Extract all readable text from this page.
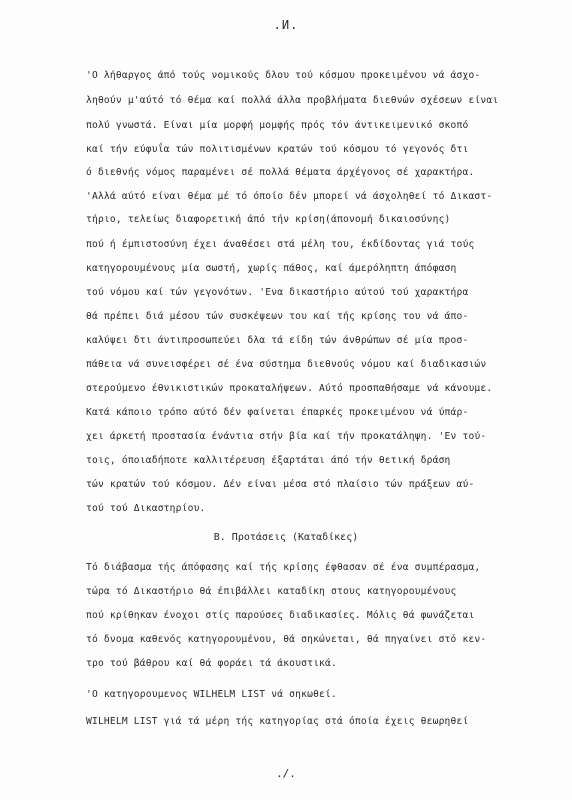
.И.
'Ο λήθαργος άπό τούς νομικούς δλου τού κόσμου προκειμένου νά άσχο-
ληθούν μ'αύτό τό θέμα καί πολλά άλλα προβλήματα διεθνών σχέσεων είναι
πολύ γνωστά. Είναι μία μορφή μομφής πρός τόν άντικειμενικό σκοπό
καί τήν εύφυΐα τών πολιτισμένων κρατών τού κόσμου τό γεγονός δτι
ό διεθνής νόμος παραμένει σέ πολλά θέματα άρχέγονος σέ χαρακτήρα.
'Αλλά αύτό είναι θέμα μέ τό όποίο δέν μπορεί νά άσχοληθεί τό Δικαστ-
τήριο, τελείως διαφορετική άπό τήν κρίση(άπονομή δικαιοσύνης)
πού ή έμπιστοσύνη έχει άναθέσει στά μέλη του, έκδίδοντας γιά τούς
κατηγορουμένους μία σωστή, χωρίς πάθος, καί άμερόληπτη άπόφαση
τού νόμου καί τών γεγονότων. 'Ενα δικαστήριο αύτού τού χαρακτήρα
θά πρέπει διά μέσου τών συσκέψεων του καί τής κρίσης του νά άπο-
καλύψει δτι άντιπροσωπεύει δλα τά είδη τών άνθρώπων σέ μία προσ-
πάθεια νά συνεισφέρει σέ ένα σύστημα διεθνούς νόμου καί διαδικασιών
στερούμενο έθνικιστικών προκαταλήψεων. Αύτό προσπαθήσαμε νά κάνουμε.
Κατά κάποιο τρόπο αύτό δέν φαίνεται έπαρκές προκειμένου νά ύπάρ-
χει άρκετή προστασία ένάντια στήν βία καί τήν προκατάληψη. 'Εν τού-
τοις, όποιαδήποτε καλλιτέρευση έξαρτάται άπό τήν θετική δράση
τών κρατών τού κόσμου. Δέν είναι μέσα στό πλαίσιο τών πράξεων αύ-
τού τού Δικαστηρίου.
Β. Προτάσεις (Καταδίκες)
Τό διάβασμα τής άπόφασης καί τής κρίσης έφθασαν σέ ένα συμπέρασμα,
τώρα τό Δικαστήριο θά έπιβάλλει καταδίκη στους κατηγορουμένους
πού κρίθηκαν ένοχοι στίς παρούσες διαδικασίες. Μόλις θά φωνάζεται
τό δνομα καθενός κατηγορουμένου, θά σηκώνεται, θά πηγαίνει στό κεν-
τρο τού βάθρου καί θά φοράει τά άκουστικά.
'Ο κατηγορουμενος WILHELM LIST νά σηκωθεί.
WILHELM LIST γιά τά μέρη τής κατηγορίας στά όποία έχεις θεωρηθεί
./.
